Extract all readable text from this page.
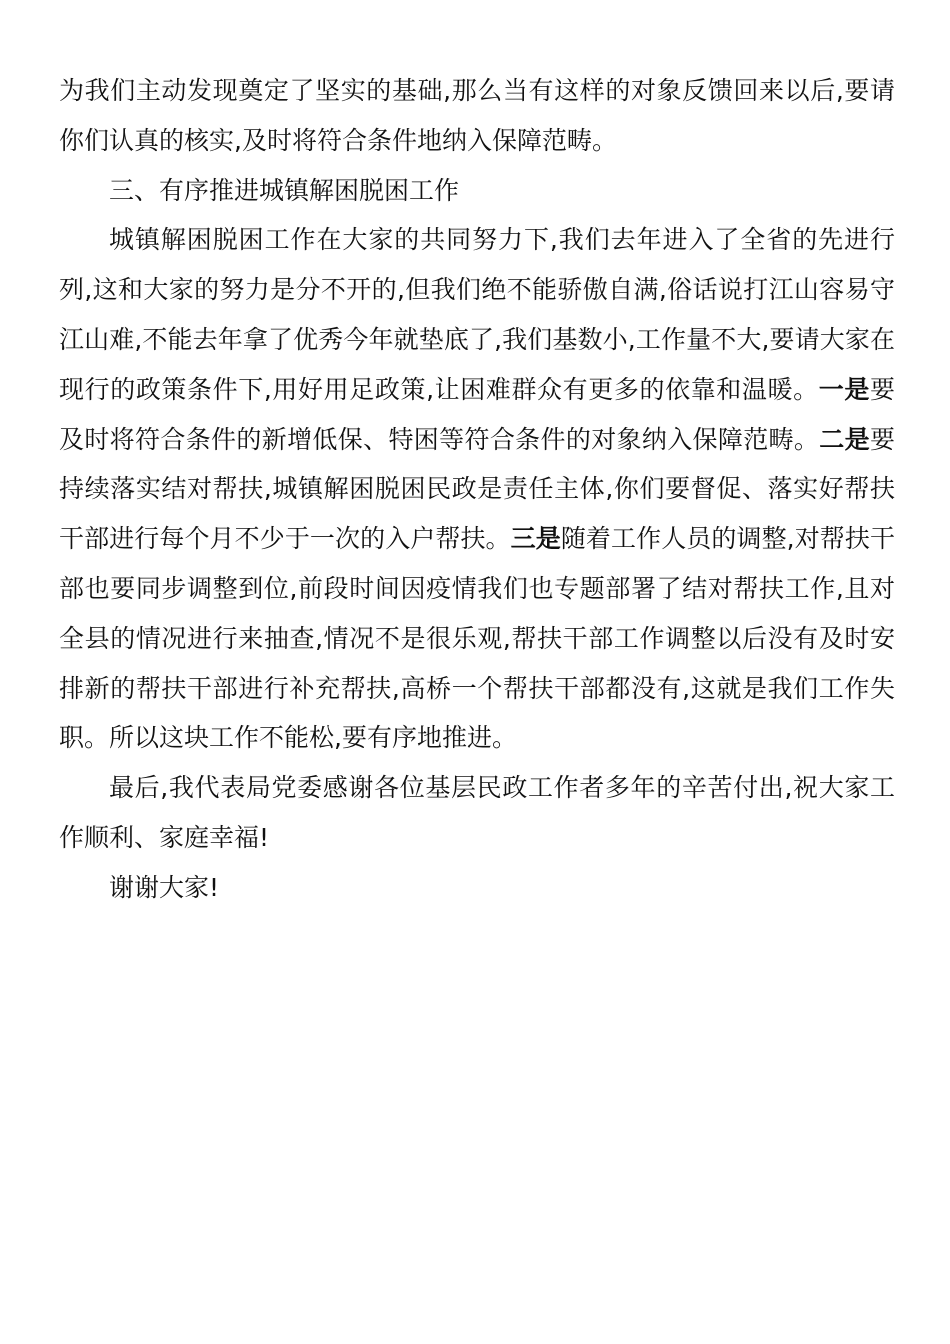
为我们主动发现奠定了坚实的基础,那么当有这样的对象反馈回来以后,要请你们认真的核实,及时将符合条件地纳入保障范畴。

三、有序推进城镇解困脱困工作

城镇解困脱困工作在大家的共同努力下,我们去年进入了全省的先进行列,这和大家的努力是分不开的,但我们绝不能骄傲自满,俗话说打江山容易守江山难,不能去年拿了优秀今年就垫底了,我们基数小,工作量不大,要请大家在现行的政策条件下,用好用足政策,让困难群众有更多的依靠和温暖。一是要及时将符合条件的新增低保、特困等符合条件的对象纳入保障范畴。二是要持续落实结对帮扶,城镇解困脱困民政是责任主体,你们要督促、落实好帮扶干部进行每个月不少于一次的入户帮扶。三是随着工作人员的调整,对帮扶干部也要同步调整到位,前段时间因疫情我们也专题部署了结对帮扶工作,且对全县的情况进行来抽查,情况不是很乐观,帮扶干部工作调整以后没有及时安排新的帮扶干部进行补充帮扶,高桥一个帮扶干部都没有,这就是我们工作失职。所以这块工作不能松,要有序地推进。

最后,我代表局党委感谢各位基层民政工作者多年的辛苦付出,祝大家工作顺利、家庭幸福!

谢谢大家!
